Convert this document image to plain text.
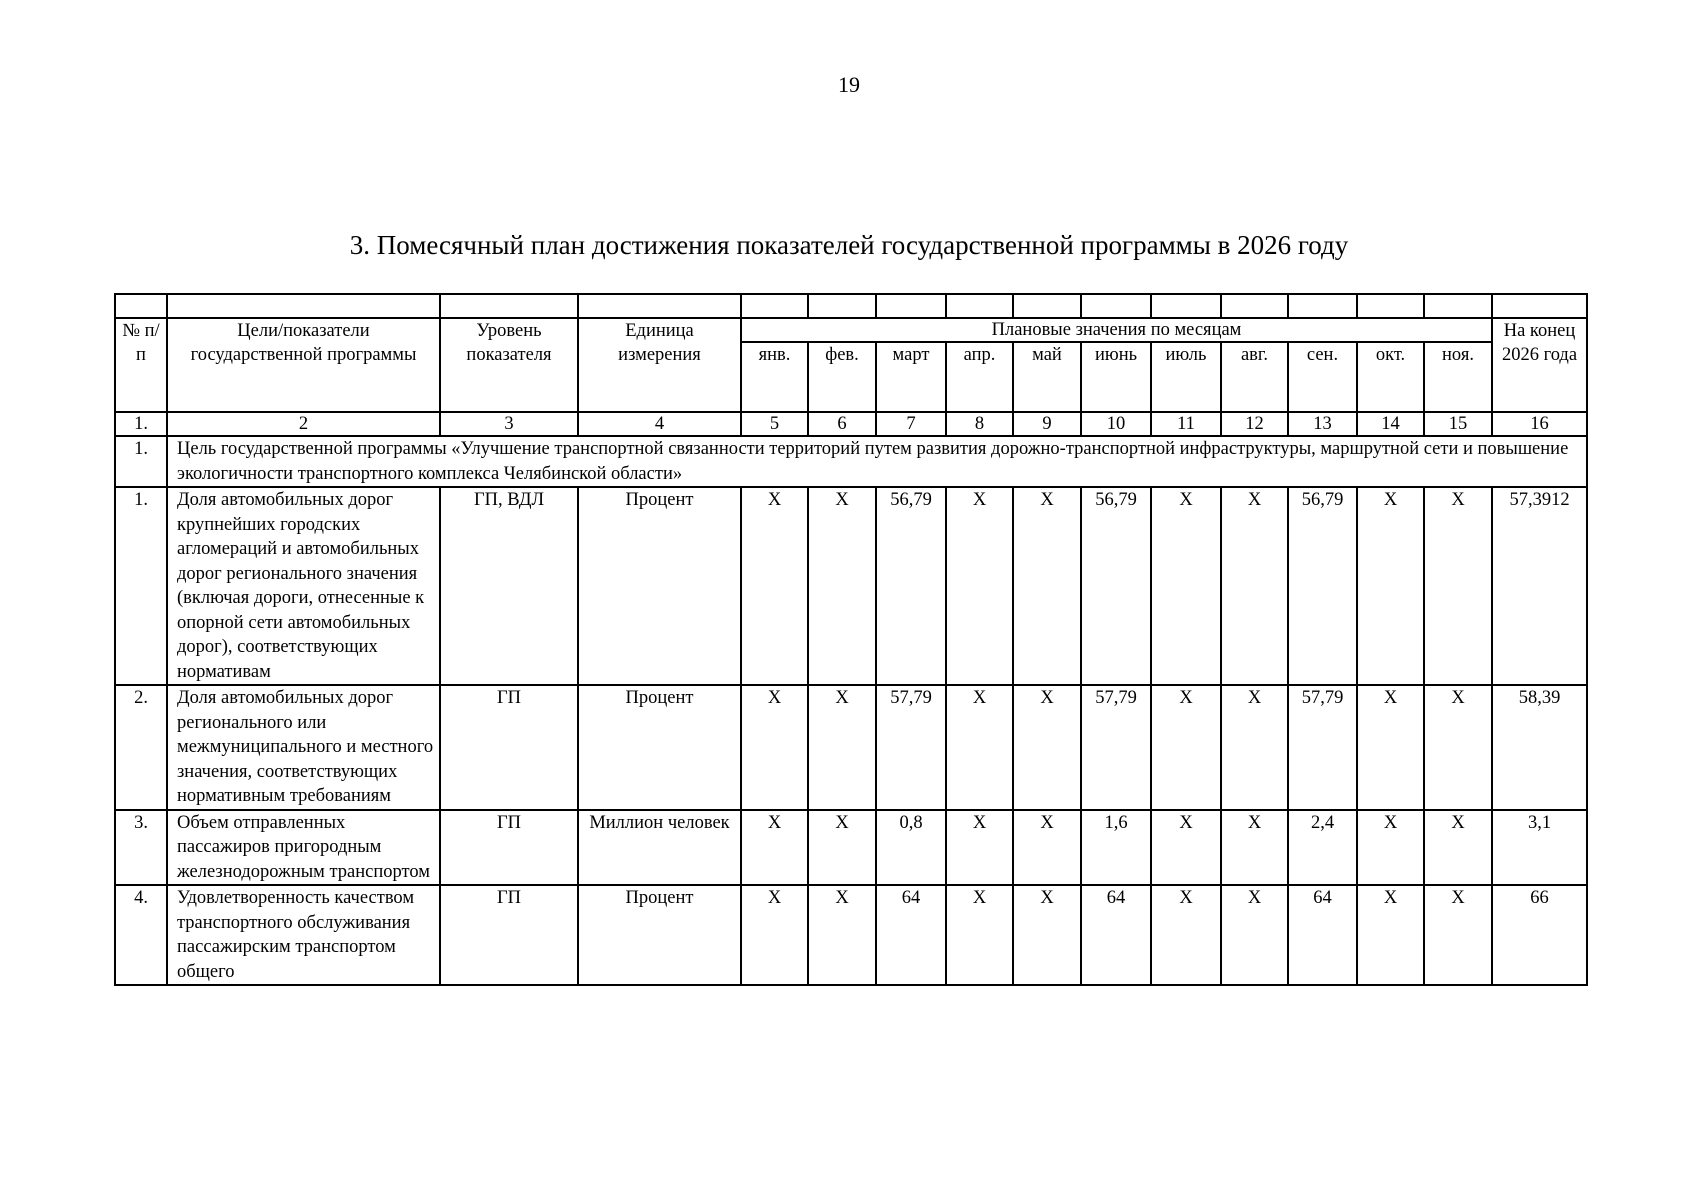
19
3. Помесячный план достижения показателей государственной программы в 2026 году

№ п/п	Цели/показатели государственной программы	Уровень показателя	Единица измерения	Плановые значения по месяцам											На конец 2026 года
				янв.	фев.	март	апр.	май	июнь	июль	авг.	сен.	окт.	ноя.	
1.	2	3	4	5	6	7	8	9	10	11	12	13	14	15	16
1.	Цель государственной программы «Улучшение транспортной связанности территорий путем развития дорожно-транспортной инфраструктуры, маршрутной сети и повышение экологичности транспортного комплекса Челябинской области»														
1.	Доля автомобильных дорог крупнейших городских агломераций и автомобильных дорог регионального значения (включая дороги, отнесенные к опорной сети автомобильных дорог), соответствующих нормативам	ГП, ВДЛ	Процент	X	X	56,79	X	X	56,79	X	X	56,79	X	X	57,3912
2.	Доля автомобильных дорог регионального или межмуниципального и местного значения, соответствующих нормативным требованиям	ГП	Процент	X	X	57,79	X	X	57,79	X	X	57,79	X	X	58,39
3.	Объем отправленных пассажиров пригородным железнодорожным транспортом	ГП	Миллион человек	X	X	0,8	X	X	1,6	X	X	2,4	X	X	3,1
4.	Удовлетворенность качеством транспортного обслуживания пассажирским транспортом общего	ГП	Процент	X	X	64	X	X	64	X	X	64	X	X	66
